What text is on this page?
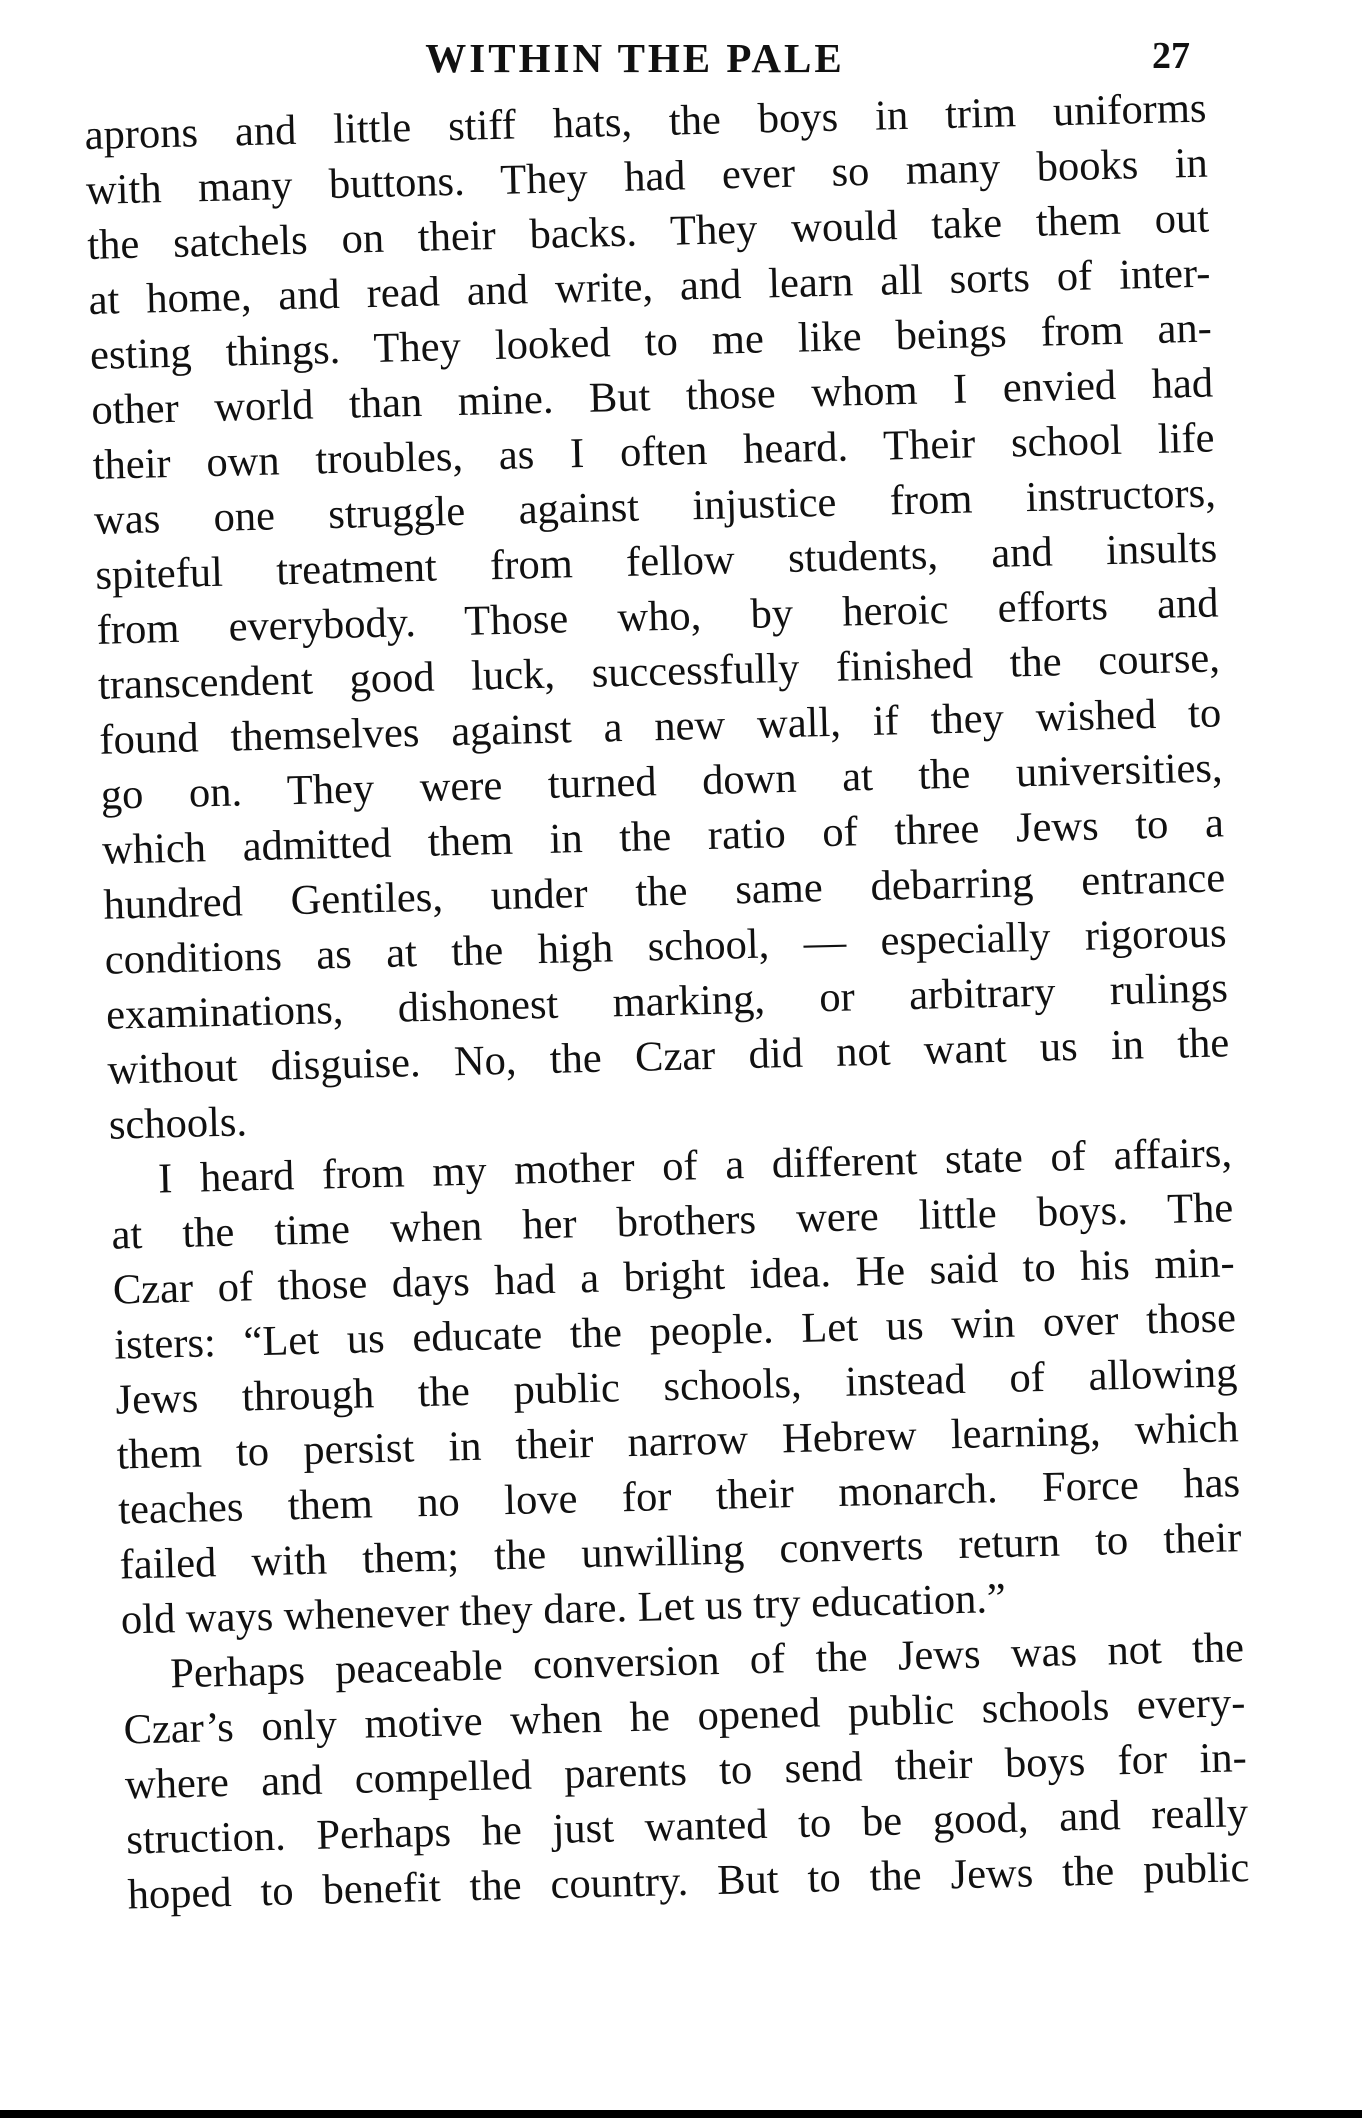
WITHIN THE PALE	27
aprons and little stiff hats, the boys in trim uniforms
with many buttons. They had ever so many books in
the satchels on their backs. They would take them out
at home, and read and write, and learn all sorts of inter-
esting things. They looked to me like beings from an-
other world than mine. But those whom I envied had
their own troubles, as I often heard. Their school life
was one struggle against injustice from instructors,
spiteful treatment from fellow students, and insults
from everybody. Those who, by heroic efforts and
transcendent good luck, successfully finished the course,
found themselves against a new wall, if they wished to
go on. They were turned down at the universities,
which admitted them in the ratio of three Jews to a
hundred Gentiles, under the same debarring entrance
conditions as at the high school, — especially rigorous
examinations, dishonest marking, or arbitrary rulings
without disguise. No, the Czar did not want us in the
schools.
I heard from my mother of a different state of affairs,
at the time when her brothers were little boys. The
Czar of those days had a bright idea. He said to his min-
isters: “Let us educate the people. Let us win over those
Jews through the public schools, instead of allowing
them to persist in their narrow Hebrew learning, which
teaches them no love for their monarch. Force has
failed with them; the unwilling converts return to their
old ways whenever they dare. Let us try education.”
Perhaps peaceable conversion of the Jews was not the
Czar’s only motive when he opened public schools every-
where and compelled parents to send their boys for in-
struction. Perhaps he just wanted to be good, and really
hoped to benefit the country. But to the Jews the public
